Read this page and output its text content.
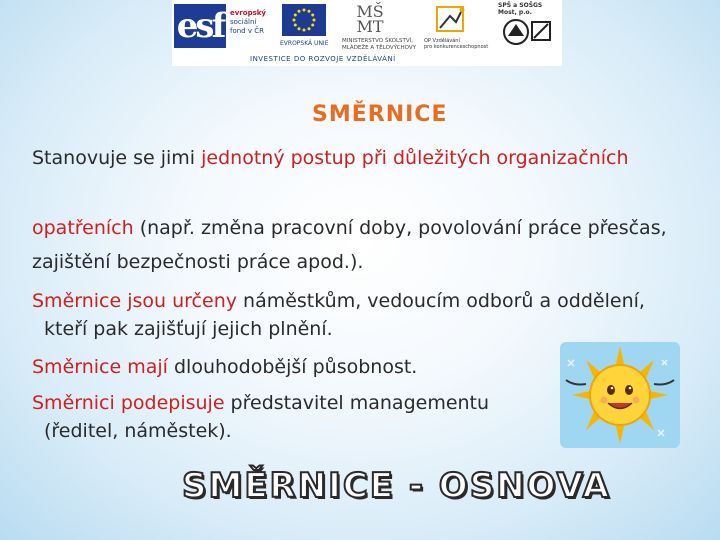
esf evropský
sociální
fond v ČR
EVROPSKÁ UNIE
MŠ MT
MINISTERSTVO ŠKOLSTVÍ,
MLÁDEŽE A TĚLOVÝCHOVY
OP Vzdělávání
pro konkurenceschopnost
SPŠ a SOŠGS Most, p.o.
INVESTICE DO ROZVOJE VZDĚLÁVÁNÍ
SMĚRNICE

Stanovuje se jimi jednotný postup při důležitých organizačních

opatřeních (např. změna pracovní doby, povolování práce přesčas, zajištění bezpečnosti práce apod.).

Směrnice jsou určeny náměstkům, vedoucím odborů a oddělení, kteří pak zajišťují jejich plnění.

Směrnice mají dlouhodobější působnost.

Směrnici podepisuje představitel managementu (ředitel, náměstek).

SMĚRNICE - OSNOVA
